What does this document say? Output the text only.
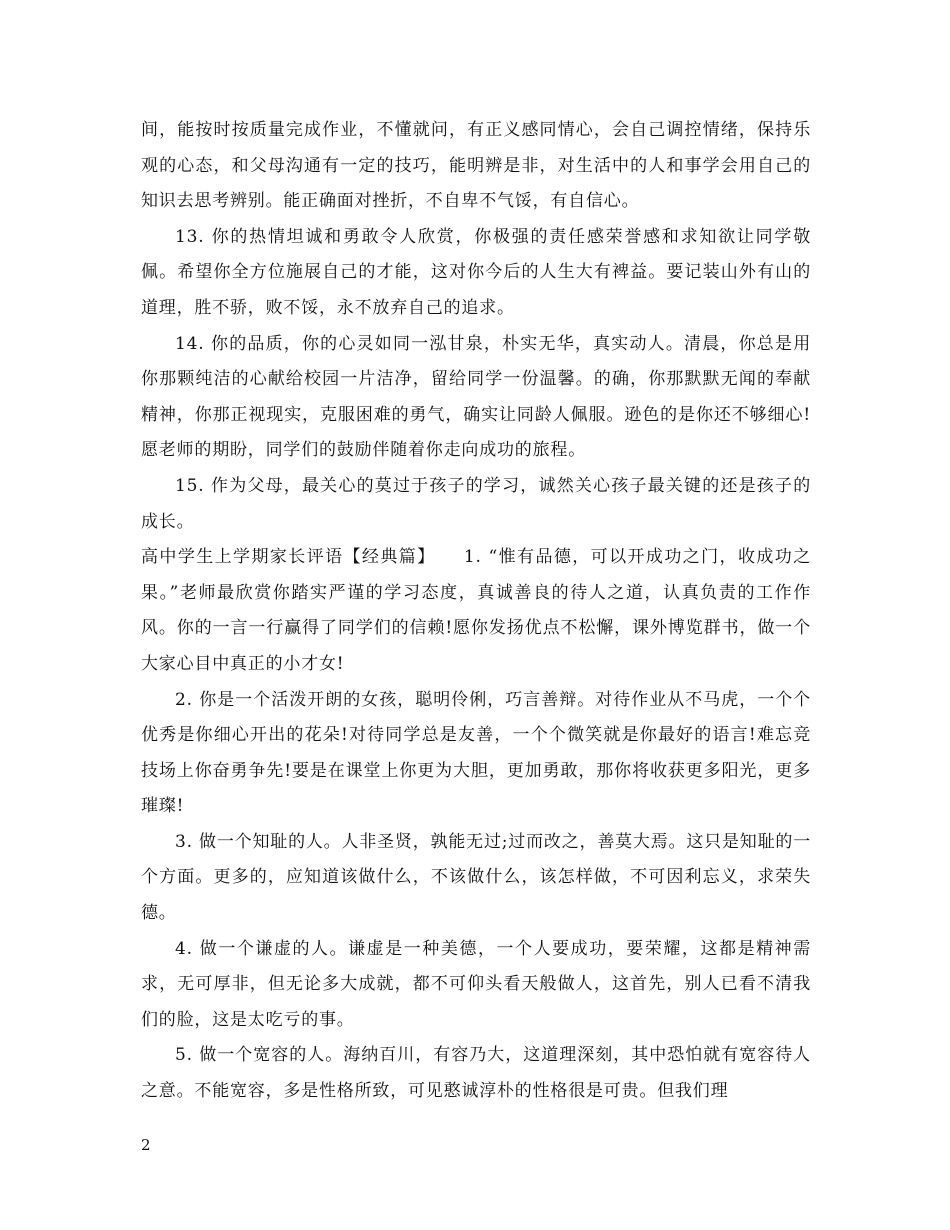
间，能按时按质量完成作业，不懂就问，有正义感同情心，会自己调控情绪，保持乐观的心态，和父母沟通有一定的技巧，能明辨是非，对生活中的人和事学会用自己的知识去思考辨别。能正确面对挫折，不自卑不气馁，有自信心。

13. 你的热情坦诚和勇敢令人欣赏，你极强的责任感荣誉感和求知欲让同学敬佩。希望你全方位施展自己的才能，这对你今后的人生大有裨益。要记装山外有山的道理，胜不骄，败不馁，永不放弃自己的追求。

14. 你的品质，你的心灵如同一泓甘泉，朴实无华，真实动人。清晨，你总是用你那颗纯洁的心献给校园一片洁净，留给同学一份温馨。的确，你那默默无闻的奉献精神，你那正视现实，克服困难的勇气，确实让同龄人佩服。逊色的是你还不够细心!愿老师的期盼，同学们的鼓励伴随着你走向成功的旅程。

15. 作为父母，最关心的莫过于孩子的学习，诚然关心孩子最关键的还是孩子的成长。

高中学生上学期家长评语【经典篇】　　1. “惟有品德，可以开成功之门，收成功之果。”老师最欣赏你踏实严谨的学习态度，真诚善良的待人之道，认真负责的工作作风。你的一言一行赢得了同学们的信赖!愿你发扬优点不松懈，课外博览群书，做一个大家心目中真正的小才女!

2. 你是一个活泼开朗的女孩，聪明伶俐，巧言善辩。对待作业从不马虎，一个个优秀是你细心开出的花朵!对待同学总是友善，一个个微笑就是你最好的语言!难忘竞技场上你奋勇争先!要是在课堂上你更为大胆，更加勇敢，那你将收获更多阳光，更多璀璨!

3. 做一个知耻的人。人非圣贤，孰能无过;过而改之，善莫大焉。这只是知耻的一个方面。更多的，应知道该做什么，不该做什么，该怎样做，不可因利忘义，求荣失德。

4. 做一个谦虚的人。谦虚是一种美德，一个人要成功，要荣耀，这都是精神需求，无可厚非，但无论多大成就，都不可仰头看天般做人，这首先，别人已看不清我们的脸，这是太吃亏的事。

5. 做一个宽容的人。海纳百川，有容乃大，这道理深刻，其中恐怕就有宽容待人之意。不能宽容，多是性格所致，可见憨诚淳朴的性格很是可贵。但我们理

2
